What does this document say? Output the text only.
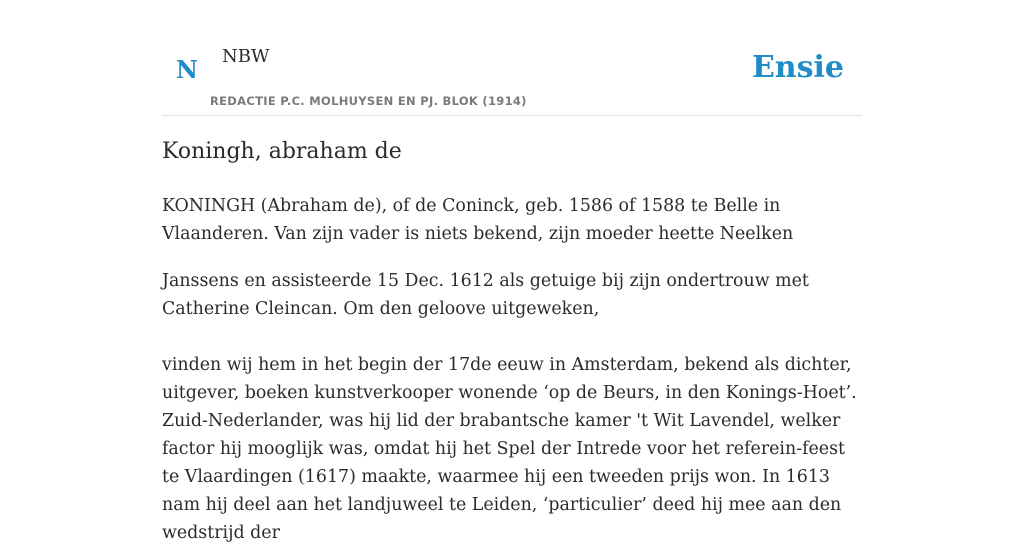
N NBW
REDACTIE P.C. MOLHUYSEN EN PJ. BLOK (1914)
Ensie
Koningh, abraham de

KONINGH (Abraham de), of de Coninck, geb. 1586 of 1588 te Belle in Vlaanderen. Van zijn vader is niets bekend, zijn moeder heette Neelken

Janssens en assisteerde 15 Dec. 1612 als getuige bij zijn ondertrouw met Catherine Cleincan. Om den geloove uitgeweken,

vinden wij hem in het begin der 17de eeuw in Amsterdam, bekend als dichter, uitgever, boeken kunstverkooper wonende ‘op de Beurs, in den Konings-Hoet’. Zuid-Nederlander, was hij lid der brabantsche kamer 't Wit Lavendel, welker factor hij mooglijk was, omdat hij het Spel der Intrede voor het referein-feest te Vlaardingen (1617) maakte, waarmee hij een tweeden prijs won. In 1613 nam hij deel aan het landjuweel te Leiden, ‘particulier’ deed hij mee aan den wedstrijd der
